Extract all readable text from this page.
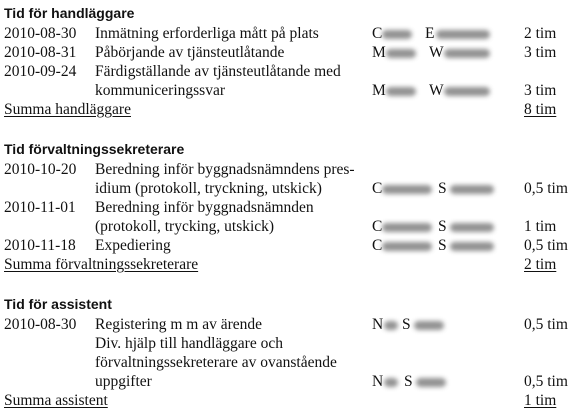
Tid för handläggare
2010-08-30 Inmätning erforderliga mått på plats	C	E	2 tim
2010-08-31 Påbörjande av tjänsteutlåtande	M	W	3 tim
2010-09-24 Färdigställande av tjänsteutlåtande med
kommuniceringssvar	M	W	3 tim
Summa handläggare	8 tim
Tid förvaltningssekreterare
2010-10-20 Beredning inför byggnadsnämndens pres-
idium (protokoll, tryckning, utskick)	C	S	0,5 tim
2010-11-01 Beredning inför byggnadsnämnden
(protokoll, trycking, utskick)	C	S	1 tim
2010-11-18 Expediering	C	S	0,5 tim
Summa förvaltningssekreterare	2 tim
Tid för assistent
2010-08-30 Registering m m av ärende	N S	0,5 tim
Div. hjälp till handläggare och
förvaltningssekreterare av ovanstående
uppgifter	N S	0,5 tim
Summa assistent	1 tim
